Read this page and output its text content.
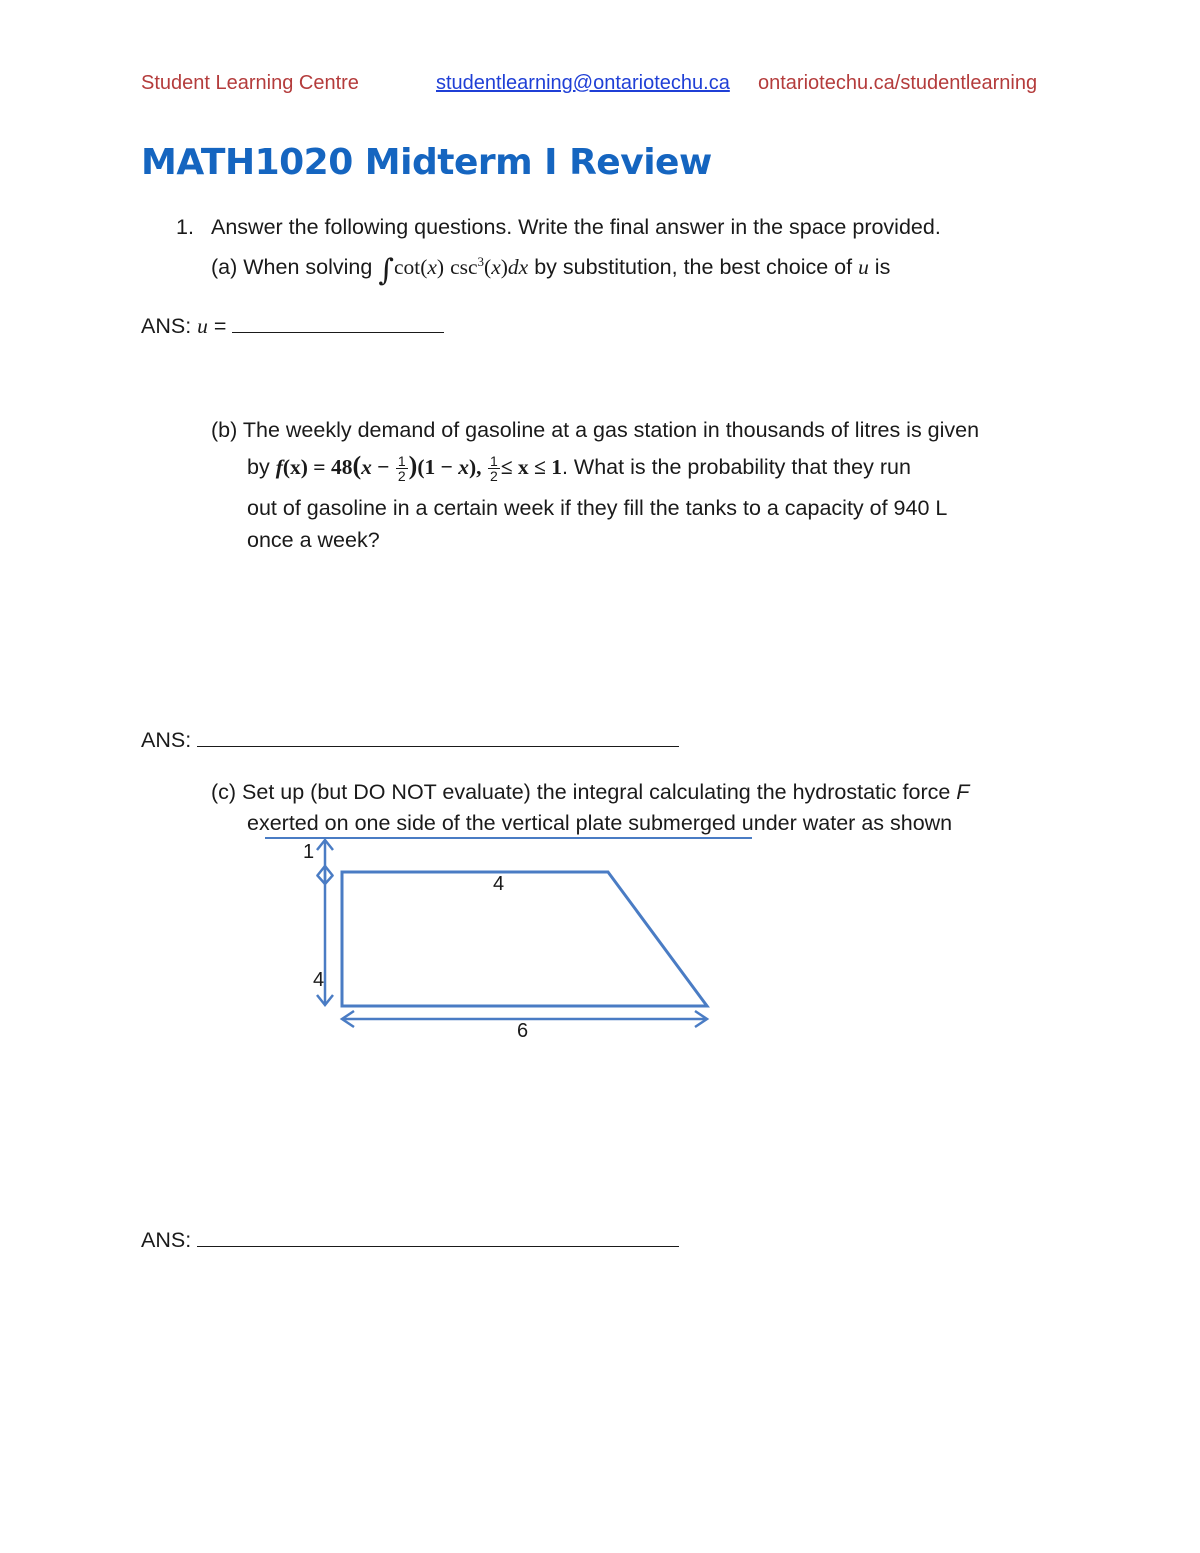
Student Learning Centre	studentlearning@ontariotechu.ca ontariotechu.ca/studentlearning
MATH1020 Midterm I Review
1. Answer the following questions. Write the final answer in the space provided.
(a) When solving ∫cot(x) $\csc^3(x)dx$ by substitution, the best choice of u is
ANS: u =
(b) The weekly demand of gasoline at a gas station in thousands of litres is given
by $f(x) = 48(x - \frac{1}{2} )(1 - x)$, $\frac{1}{2} \le x \le 1$. What is the probability that they run
out of gasoline in a certain week if they fill the tanks to a capacity of 940 L
once a week?
ANS:
(c) Set up (but DO NOT evaluate) the integral calculating the hydrostatic force F
exerted on one side of the vertical plate submerged under water as shown
1
4
4
6
ANS:
